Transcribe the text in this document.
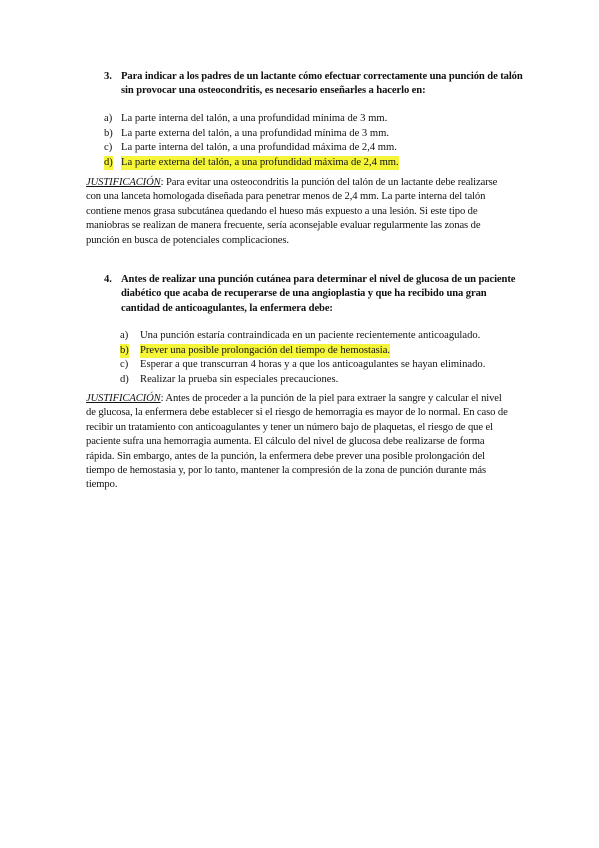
3. Para indicar a los padres de un lactante cómo efectuar correctamente una punción de talón sin provocar una osteocondritis, es necesario enseñarles a hacerlo en:
a) La parte interna del talón, a una profundidad mínima de 3 mm.
b) La parte externa del talón, a una profundidad mínima de 3 mm.
c) La parte interna del talón, a una profundidad máxima de 2,4 mm.
d) La parte externa del talón, a una profundidad máxima de 2,4 mm.
JUSTIFICACIÓN: Para evitar una osteocondritis la punción del talón de un lactante debe realizarse con una lanceta homologada diseñada para penetrar menos de 2,4 mm. La parte interna del talón contiene menos grasa subcutánea quedando el hueso más expuesto a una lesión. Si este tipo de maniobras se realizan de manera frecuente, sería aconsejable evaluar regularmente las zonas de punción en busca de potenciales complicaciones.
4. Antes de realizar una punción cutánea para determinar el nivel de glucosa de un paciente diabético que acaba de recuperarse de una angioplastia y que ha recibido una gran cantidad de anticoagulantes, la enfermera debe:
a) Una punción estaría contraindicada en un paciente recientemente anticoagulado.
b) Prever una posible prolongación del tiempo de hemostasia.
c) Esperar a que transcurran 4 horas y a que los anticoagulantes se hayan eliminado.
d) Realizar la prueba sin especiales precauciones.
JUSTIFICACIÓN: Antes de proceder a la punción de la piel para extraer la sangre y calcular el nivel de glucosa, la enfermera debe establecer si el riesgo de hemorragia es mayor de lo normal. En caso de recibir un tratamiento con anticoagulantes y tener un número bajo de plaquetas, el riesgo de que el paciente sufra una hemorragia aumenta. El cálculo del nivel de glucosa debe realizarse de forma rápida. Sin embargo, antes de la punción, la enfermera debe prever una posible prolongación del tiempo de hemostasia y, por lo tanto, mantener la compresión de la zona de punción durante más tiempo.
